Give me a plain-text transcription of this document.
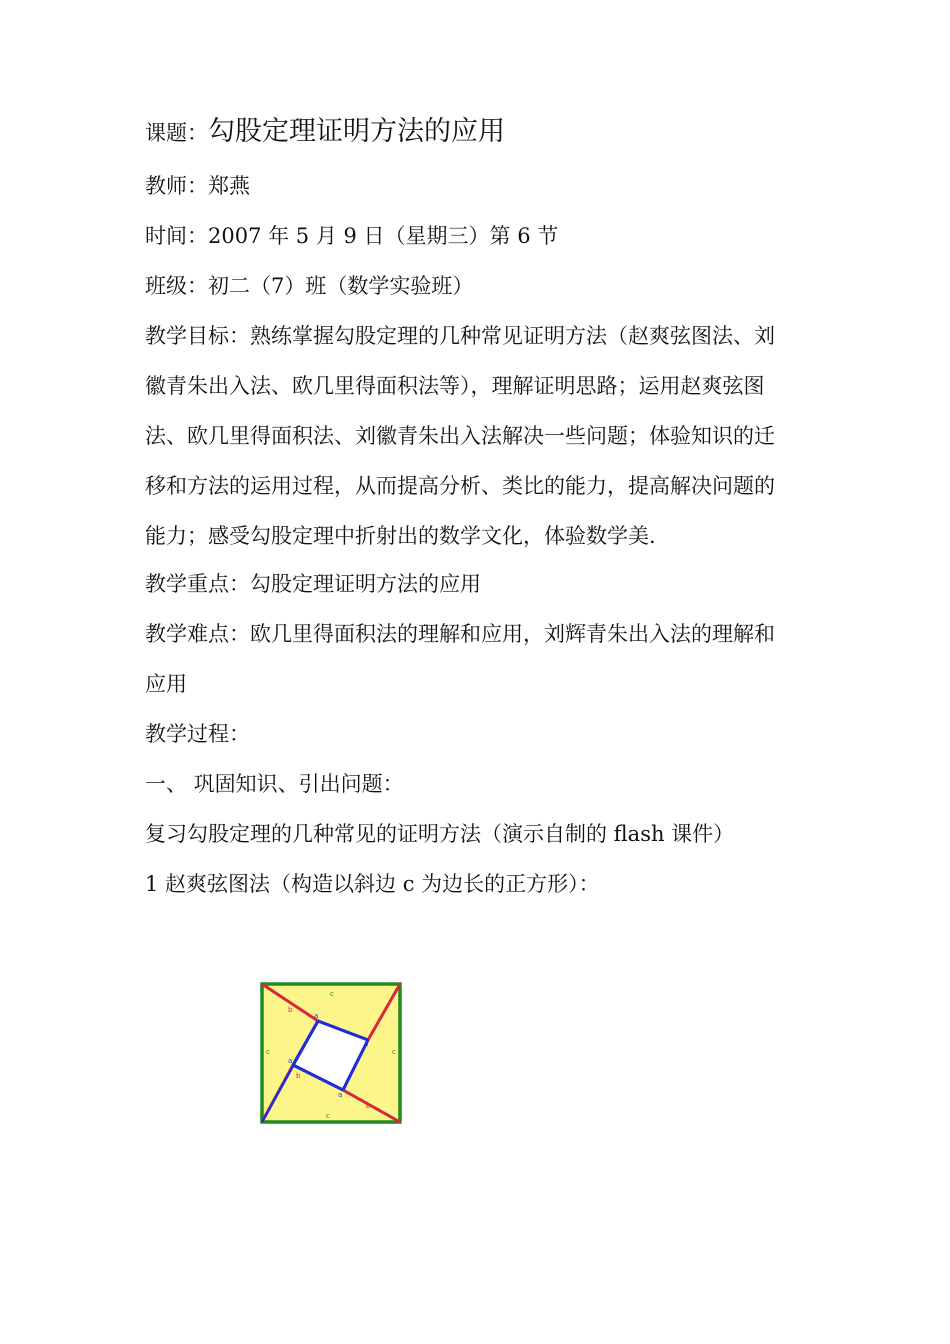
课题：勾股定理证明方法的应用
教师：郑燕
时间：2007 年 5 月 9 日（星期三）第 6 节
班级：初二（7）班（数学实验班）
教学目标：熟练掌握勾股定理的几种常见证明方法（赵爽弦图法、刘
徽青朱出入法、欧几里得面积法等），理解证明思路；运用赵爽弦图
法、欧几里得面积法、刘徽青朱出入法解决一些问题；体验知识的迁
移和方法的运用过程，从而提高分析、类比的能力，提高解决问题的
能力；感受勾股定理中折射出的数学文化，体验数学美.
教学重点：勾股定理证明方法的应用
教学难点：欧几里得面积法的理解和应用，刘辉青朱出入法的理解和
应用
教学过程：
一、 巩固知识、引出问题：
复习勾股定理的几种常见的证明方法（演示自制的 flash 课件）
1 赵爽弦图法（构造以斜边 c 为边长的正方形）：
c
c	c
c
a
a
a
a
b
b
b
